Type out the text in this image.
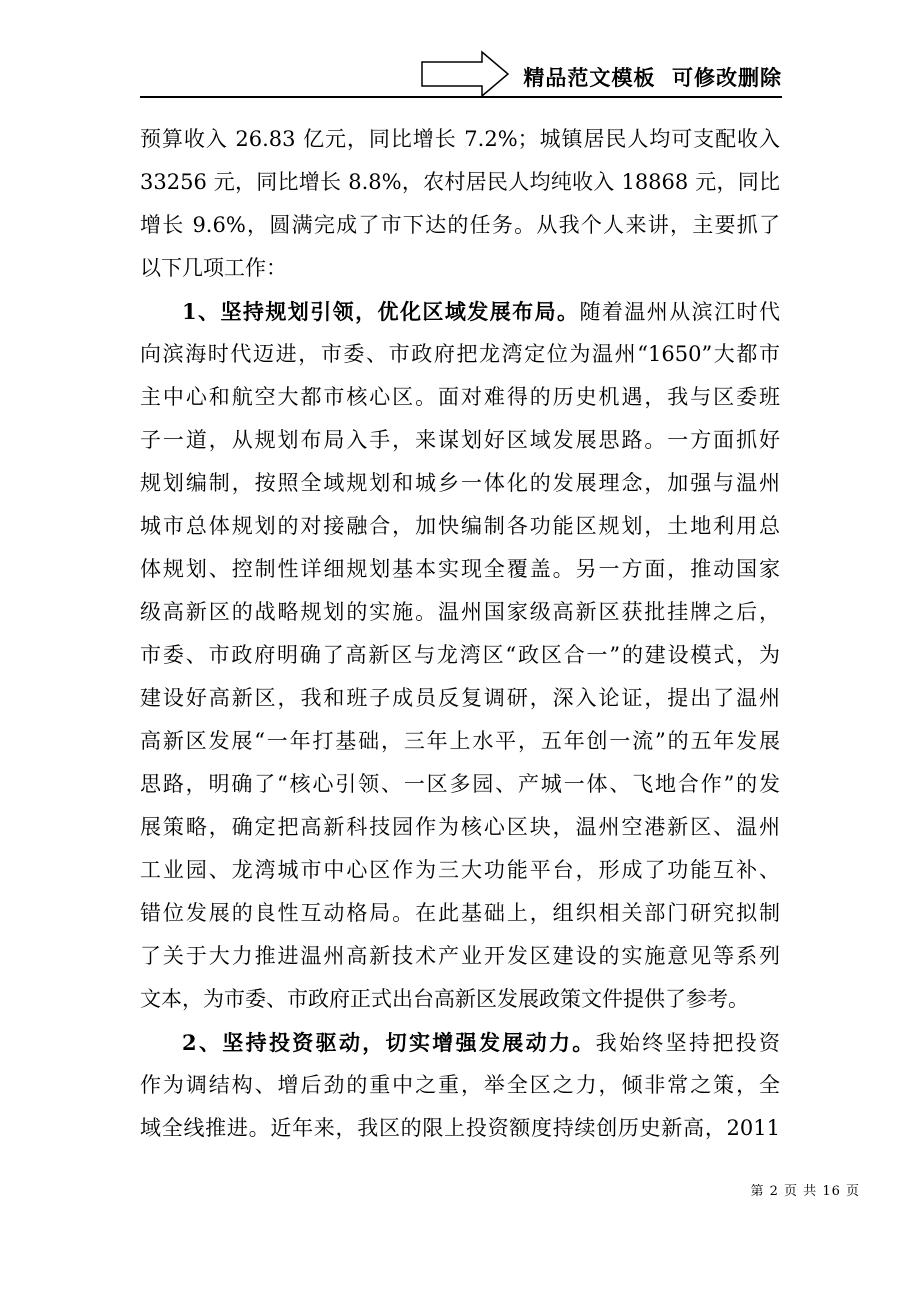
精品范文模板  可修改删除
预算收入 26.83 亿元，同比增长 7.2%；城镇居民人均可支配收入
33256 元，同比增长 8.8%，农村居民人均纯收入 18868 元，同比
增长 9.6%，圆满完成了市下达的任务。从我个人来讲，主要抓了
以下几项工作：
1、坚持规划引领，优化区域发展布局。随着温州从滨江时代
向滨海时代迈进，市委、市政府把龙湾定位为温州“1650”大都市
主中心和航空大都市核心区。面对难得的历史机遇，我与区委班
子一道，从规划布局入手，来谋划好区域发展思路。一方面抓好
规划编制，按照全域规划和城乡一体化的发展理念，加强与温州
城市总体规划的对接融合，加快编制各功能区规划，土地利用总
体规划、控制性详细规划基本实现全覆盖。另一方面，推动国家
级高新区的战略规划的实施。温州国家级高新区获批挂牌之后，
市委、市政府明确了高新区与龙湾区“政区合一”的建设模式，为
建设好高新区，我和班子成员反复调研，深入论证，提出了温州
高新区发展“一年打基础，三年上水平，五年创一流”的五年发展
思路，明确了“核心引领、一区多园、产城一体、飞地合作”的发
展策略，确定把高新科技园作为核心区块，温州空港新区、温州
工业园、龙湾城市中心区作为三大功能平台，形成了功能互补、
错位发展的良性互动格局。在此基础上，组织相关部门研究拟制
了关于大力推进温州高新技术产业开发区建设的实施意见等系列
文本，为市委、市政府正式出台高新区发展政策文件提供了参考。
2、坚持投资驱动，切实增强发展动力。我始终坚持把投资
作为调结构、增后劲的重中之重，举全区之力，倾非常之策，全
域全线推进。近年来，我区的限上投资额度持续创历史新高，2011
第 2 页 共 16 页
